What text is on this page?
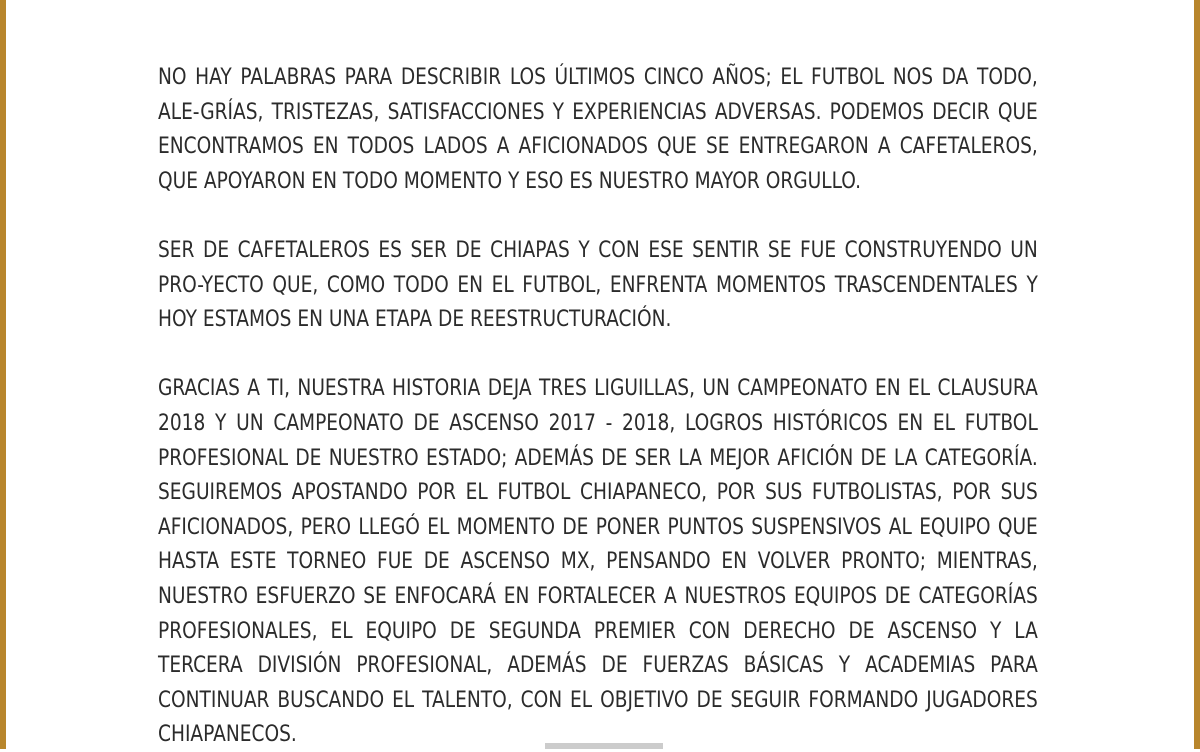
NO HAY PALABRAS PARA DESCRIBIR LOS ÚLTIMOS CINCO AÑOS; EL FUTBOL NOS DA TODO, ALE-GRÍAS, TRISTEZAS, SATISFACCIONES Y EXPERIENCIAS ADVERSAS. PODEMOS DECIR QUE ENCONTRAMOS EN TODOS LADOS A AFICIONADOS QUE SE ENTREGARON A CAFETALEROS, QUE APOYARON EN TODO MOMENTO Y ESO ES NUESTRO MAYOR ORGULLO.

SER DE CAFETALEROS ES SER DE CHIAPAS Y CON ESE SENTIR SE FUE CONSTRUYENDO UN PRO-YECTO QUE, COMO TODO EN EL FUTBOL, ENFRENTA MOMENTOS TRASCENDENTALES Y HOY ESTAMOS EN UNA ETAPA DE REESTRUCTURACIÓN.

GRACIAS A TI, NUESTRA HISTORIA DEJA TRES LIGUILLAS, UN CAMPEONATO EN EL CLAUSURA 2018 Y UN CAMPEONATO DE ASCENSO 2017 - 2018, LOGROS HISTÓRICOS EN EL FUTBOL PROFESIONAL DE NUESTRO ESTADO; ADEMÁS DE SER LA MEJOR AFICIÓN DE LA CATEGORÍA. SEGUIREMOS APOSTANDO POR EL FUTBOL CHIAPANECO, POR SUS FUTBOLISTAS, POR SUS AFICIONADOS, PERO LLEGÓ EL MOMENTO DE PONER PUNTOS SUSPENSIVOS AL EQUIPO QUE HASTA ESTE TORNEO FUE DE ASCENSO MX, PENSANDO EN VOLVER PRONTO; MIENTRAS, NUESTRO ESFUERZO SE ENFOCARÁ EN FORTALECER A NUESTROS EQUIPOS DE CATEGORÍAS PROFESIONALES, EL EQUIPO DE SEGUNDA PREMIER CON DERECHO DE ASCENSO Y LA TERCERA DIVISIÓN PROFESIONAL, ADEMÁS DE FUERZAS BÁSICAS Y ACADEMIAS PARA CONTINUAR BUSCANDO EL TALENTO, CON EL OBJETIVO DE SEGUIR FORMANDO JUGADORES CHIAPANECOS.
